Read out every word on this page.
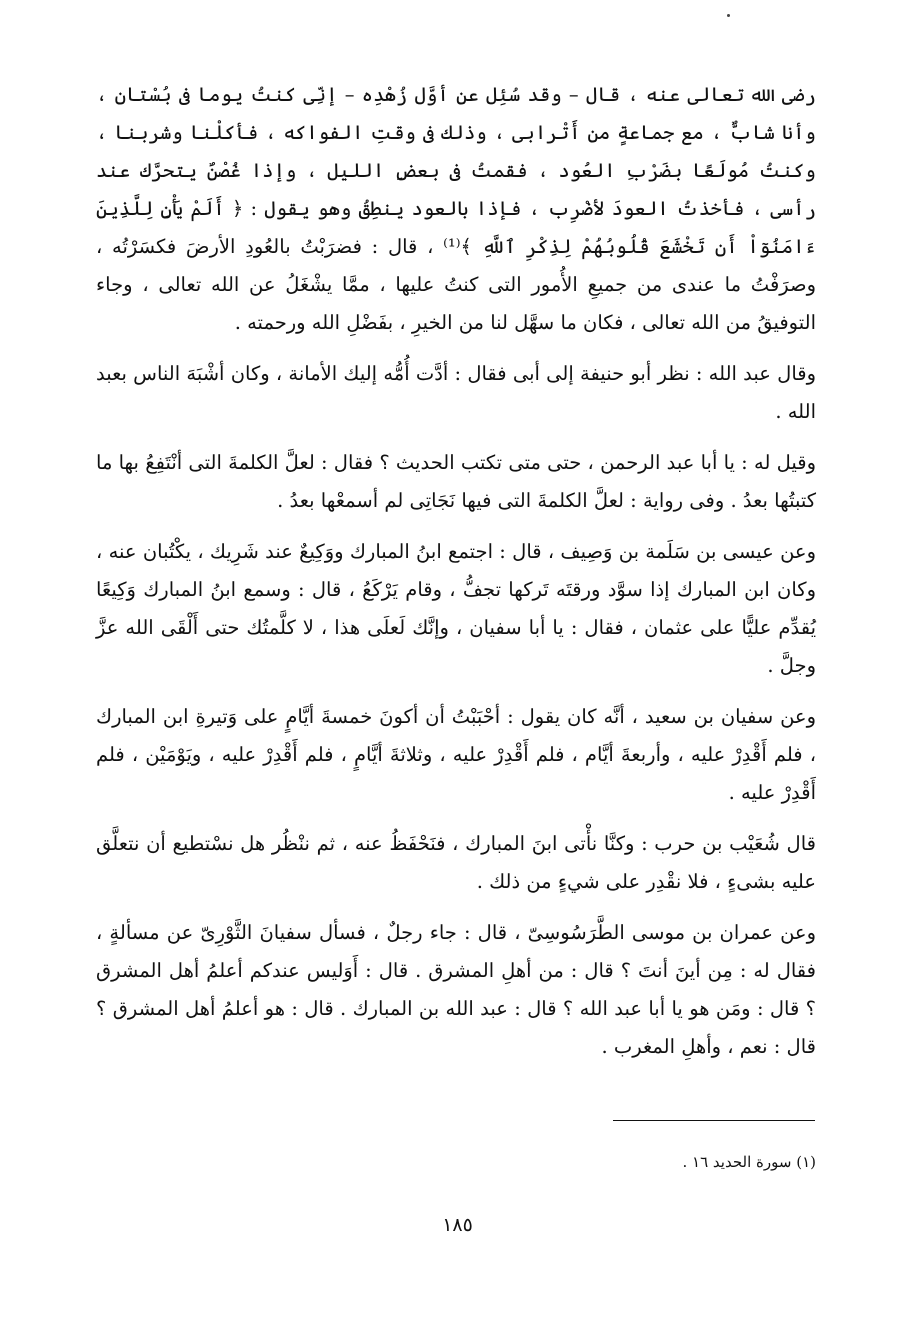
رضى الله تعالى عنه ، قال – وقد سُئِل عن أوَّل زُهْدِه – إنِّى كنتُ يوما فى بُسْتان ، وأنا شابٌّ ، مع جماعةٍ من أَتْرابى ، وذلك فى وقتِ الفواكه ، فأكلْنا وشربنا ، وكنتُ مُولَعًا بضَرْبِ العُود ، فقمتُ فى بعضِ الليل ، وإذا غُصْنٌ يتحرَّك عند رأسى ، فأخذتُ العودَ لأضْرِب ، فإذا بالعود ينطِقُ وهو يقول : ﴿ أَلَمْ يَأْنِ لِلَّذِينَ ءَامَنُوٓاْ أَن تَخْشَعَ قُلُوبُهُمْ لِذِكْرِ ٱللَّهِ ﴾⁽¹⁾ ، قال : فضرَبْتُ بالعُودِ الأرضَ فكسَرْتُه ، وصرَفْتُ ما عندى من جميعِ الأُمور التى كنتُ عليها ، ممَّا يشْغَلُ عن الله تعالى ، وجاء التوفيقُ من الله تعالى ، فكان ما سهَّل لنا من الخيرِ ، بفَضْلِ الله ورحمته .

وقال عبد الله : نظر أبو حنيفة إلى أبى فقال : أدَّت أُمُّه إليك الأمانة ، وكان أشْبَهَ الناس بعبد الله .

وقيل له : يا أبا عبد الرحمن ، حتى متى تكتب الحديث ؟ فقال : لعلَّ الكلمةَ التى أنْتَفِعُ بها ما كتبتُها بعدُ . وفى رواية : لعلَّ الكلمةَ التى فيها نَجَاتِى لم أسمعْها بعدُ .

وعن عيسى بن سَلَمة بن وَصِيف ، قال : اجتمع ابنُ المبارك ووَكِيعٌ عند شَرِيك ، يكْتُبان عنه ، وكان ابن المبارك إذا سوَّد ورقتَه تَركها تجفُّ ، وقام يَرْكَعُ ، قال : وسمع ابنُ المبارك وَكِيعًا يُقدِّم عليًّا على عثمان ، فقال : يا أبا سفيان ، وإنَّك لَعلَى هذا ، لا كلَّمتُك حتى أَلْقَى الله عزَّ وجلَّ .

وعن سفيان بن سعيد ، أنَّه كان يقول : أحْبَبْتُ أن أكونَ خمسةَ أيَّامٍ على وَتيرةِ ابن المبارك ، فلم أَقْدِرْ عليه ، وأربعةَ أيَّام ، فلم أَقْدِرْ عليه ، وثلاثةَ أيَّامٍ ، فلم أَقْدِرْ عليه ، ويَوْمَيْن ، فلم أَقْدِرْ عليه .

قال شُعَيْب بن حرب : وكنَّا نأْتى ابنَ المبارك ، فنَحْفَظُ عنه ، ثم ننْظُر هل نسْتطيع أن نتعلَّق عليه بشىءٍ ، فلا نقْدِر على شيءٍ من ذلك .

وعن عمران بن موسى الطَّرَسُوسِىّ ، قال : جاء رجلٌ ، فسأل سفيانَ الثَّوْرِىّ عن مسألةٍ ، فقال له : مِن أينَ أنتَ ؟ قال : من أهلِ المشرق . قال : أَوَليس عندكم أعلمُ أهل المشرق ؟ قال : ومَن هو يا أبا عبد الله ؟ قال : عبد الله بن المبارك . قال : هو أعلمُ أهل المشرق ؟ قال : نعم ، وأهلِ المغرب .

(١) سورة الحديد ١٦ .
١٨٥
